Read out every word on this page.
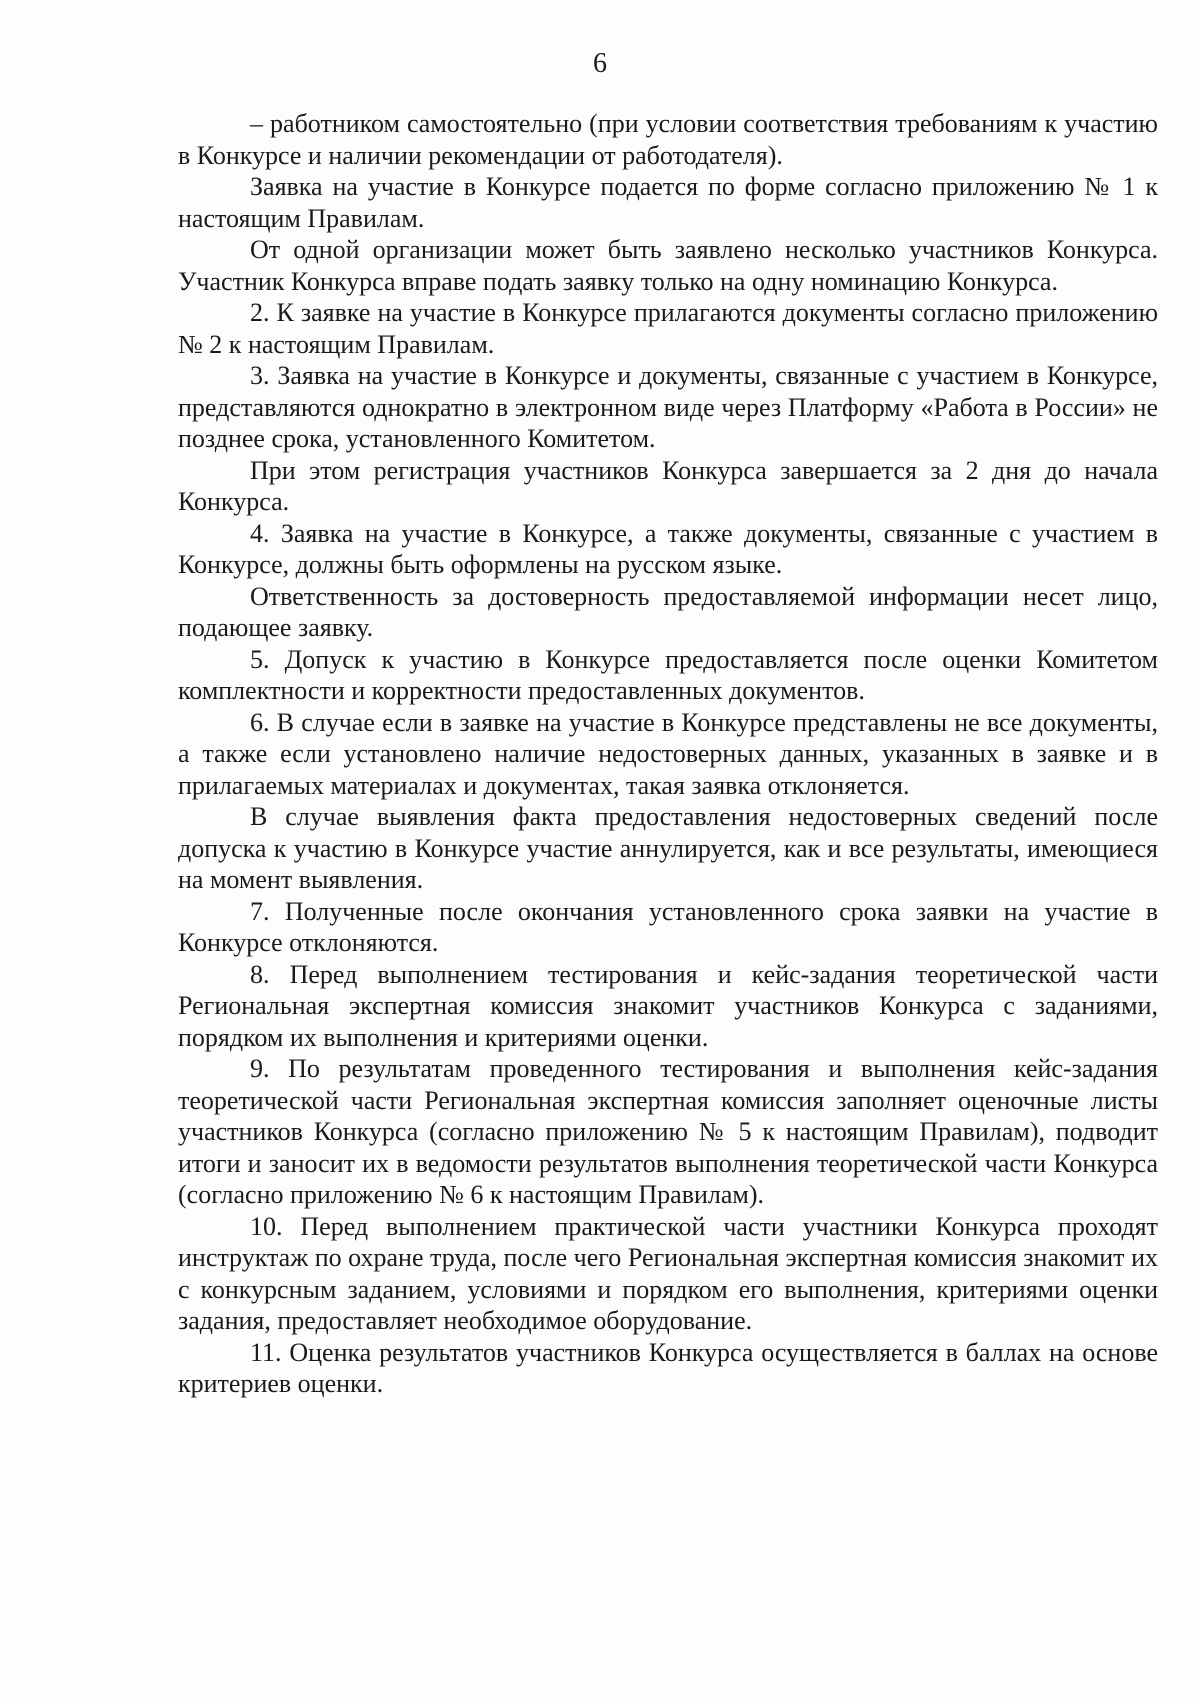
6

– работником самостоятельно (при условии соответствия требованиям к участию в Конкурсе и наличии рекомендации от работодателя).

Заявка на участие в Конкурсе подается по форме согласно приложению № 1 к настоящим Правилам.

От одной организации может быть заявлено несколько участников Конкурса. Участник Конкурса вправе подать заявку только на одну номинацию Конкурса.

2. К заявке на участие в Конкурсе прилагаются документы согласно приложению № 2 к настоящим Правилам.

3. Заявка на участие в Конкурсе и документы, связанные с участием в Конкурсе, представляются однократно в электронном виде через Платформу «Работа в России» не позднее срока, установленного Комитетом.

При этом регистрация участников Конкурса завершается за 2 дня до начала Конкурса.

4. Заявка на участие в Конкурсе, а также документы, связанные с участием в Конкурсе, должны быть оформлены на русском языке.

Ответственность за достоверность предоставляемой информации несет лицо, подающее заявку.

5. Допуск к участию в Конкурсе предоставляется после оценки Комитетом комплектности и корректности предоставленных документов.

6. В случае если в заявке на участие в Конкурсе представлены не все документы, а также если установлено наличие недостоверных данных, указанных в заявке и в прилагаемых материалах и документах, такая заявка отклоняется.

В случае выявления факта предоставления недостоверных сведений после допуска к участию в Конкурсе участие аннулируется, как и все результаты, имеющиеся на момент выявления.

7. Полученные после окончания установленного срока заявки на участие в Конкурсе отклоняются.

8. Перед выполнением тестирования и кейс-задания теоретической части Региональная экспертная комиссия знакомит участников Конкурса с заданиями, порядком их выполнения и критериями оценки.

9. По результатам проведенного тестирования и выполнения кейс-задания теоретической части Региональная экспертная комиссия заполняет оценочные листы участников Конкурса (согласно приложению № 5 к настоящим Правилам), подводит итоги и заносит их в ведомости результатов выполнения теоретической части Конкурса (согласно приложению № 6 к настоящим Правилам).

10. Перед выполнением практической части участники Конкурса проходят инструктаж по охране труда, после чего Региональная экспертная комиссия знакомит их с конкурсным заданием, условиями и порядком его выполнения, критериями оценки задания, предоставляет необходимое оборудование.

11. Оценка результатов участников Конкурса осуществляется в баллах на основе критериев оценки.
